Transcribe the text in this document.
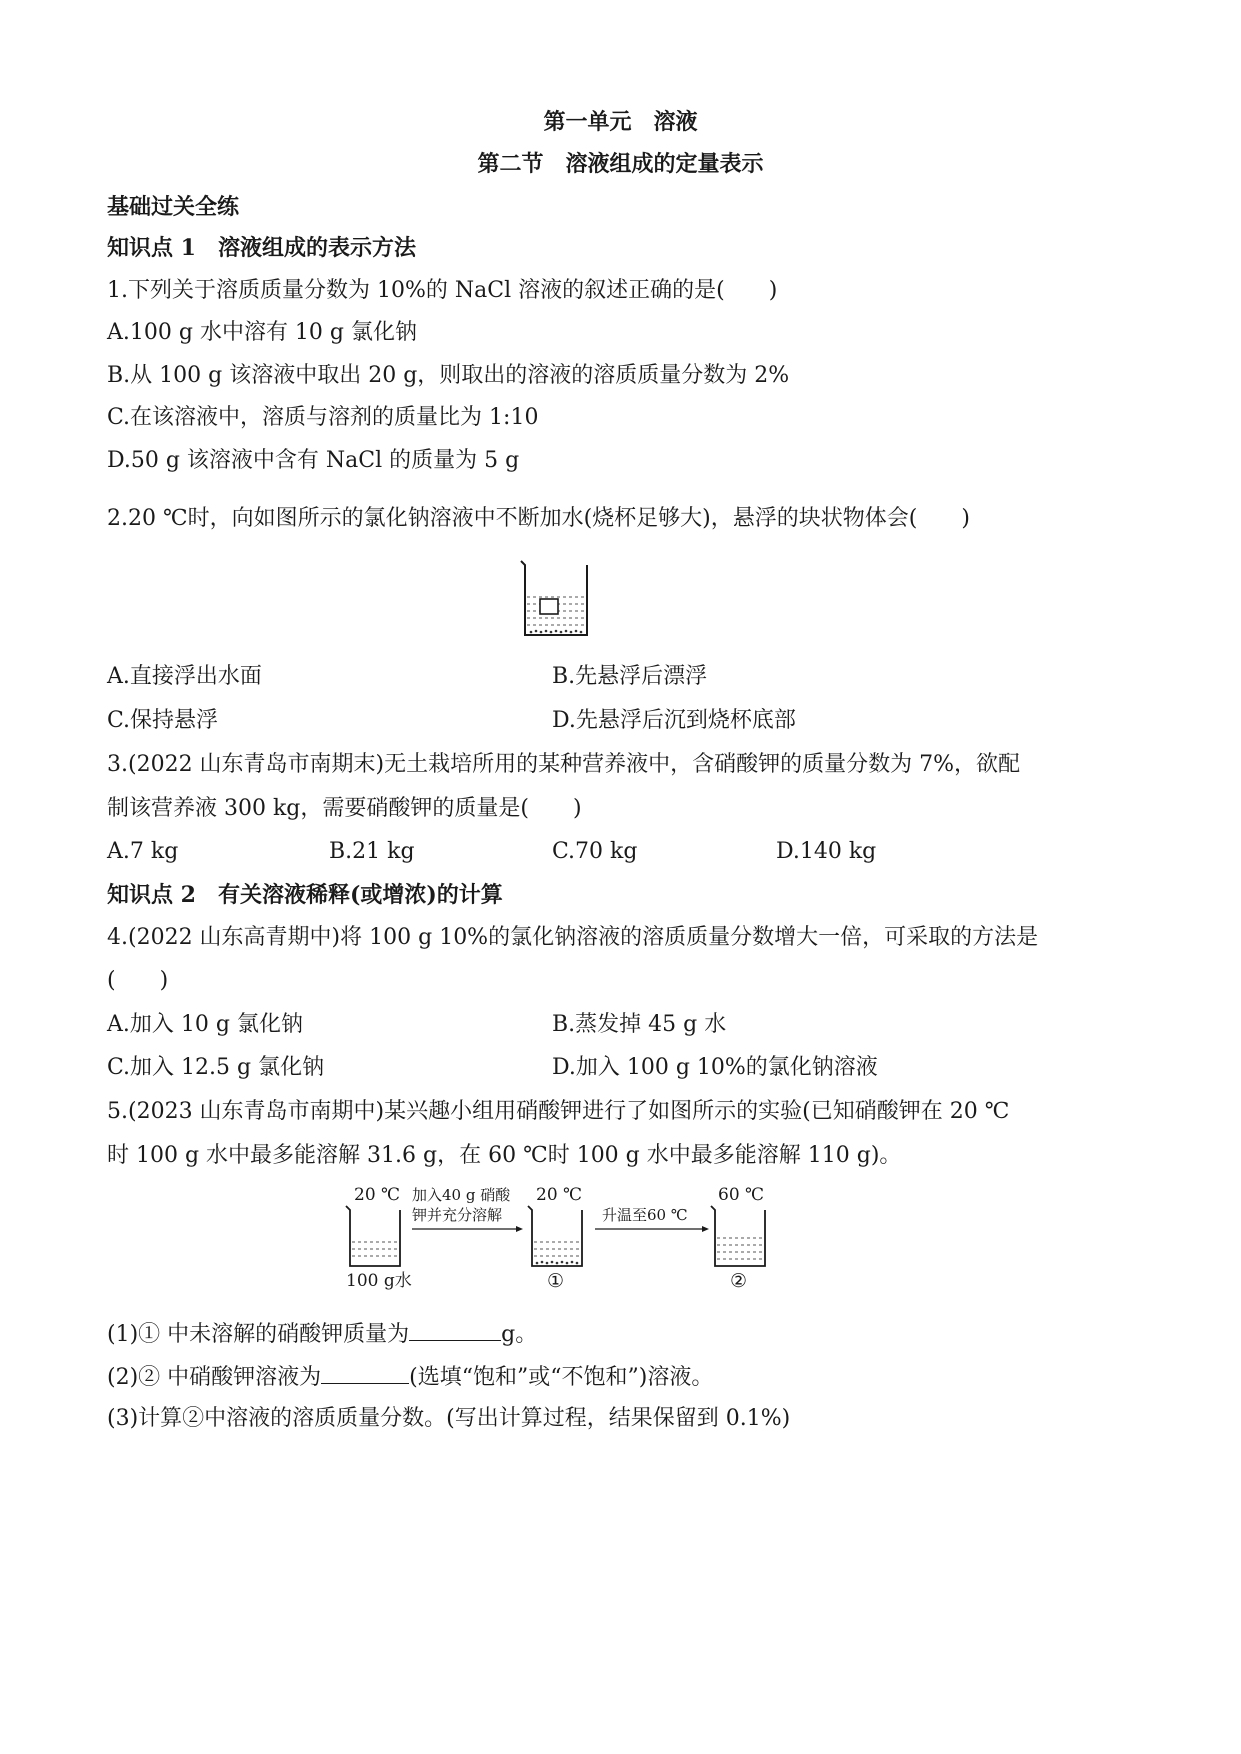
第一单元　溶液
第二节　溶液组成的定量表示
基础过关全练
知识点 1　溶液组成的表示方法
1.下列关于溶质质量分数为 10%的 NaCl 溶液的叙述正确的是(　　)
A.100 g 水中溶有 10 g 氯化钠
B.从 100 g 该溶液中取出 20 g，则取出的溶液的溶质质量分数为 2%
C.在该溶液中，溶质与溶剂的质量比为 1:10
D.50 g 该溶液中含有 NaCl 的质量为 5 g
2.20 ℃时，向如图所示的氯化钠溶液中不断加水(烧杯足够大)，悬浮的块状物体会(　　)
A.直接浮出水面	B.先悬浮后漂浮
C.保持悬浮	D.先悬浮后沉到烧杯底部
3.(2022 山东青岛市南期末)无土栽培所用的某种营养液中，含硝酸钾的质量分数为 7%，欲配
制该营养液 300 kg，需要硝酸钾的质量是(　　)
A.7 kg	B.21 kg	C.70 kg	D.140 kg
知识点 2　有关溶液稀释(或增浓)的计算
4.(2022 山东高青期中)将 100 g 10%的氯化钠溶液的溶质质量分数增大一倍，可采取的方法是
(　　)
A.加入 10 g 氯化钠	B.蒸发掉 45 g 水
C.加入 12.5 g 氯化钠	D.加入 100 g 10%的氯化钠溶液
5.(2023 山东青岛市南期中)某兴趣小组用硝酸钾进行了如图所示的实验(已知硝酸钾在 20 ℃
时 100 g 水中最多能溶解 31.6 g，在 60 ℃时 100 g 水中最多能溶解 110 g)。
20 ℃	20 ℃	60 ℃
加入40 g 硝酸
钾并充分溶解	升温至60 ℃
100 g水	①	②
(1)① 中未溶解的硝酸钾质量为	g。
(2)② 中硝酸钾溶液为	(选填“饱和”或“不饱和”)溶液。
(3)计算②中溶液的溶质质量分数。(写出计算过程，结果保留到 0.1%)
